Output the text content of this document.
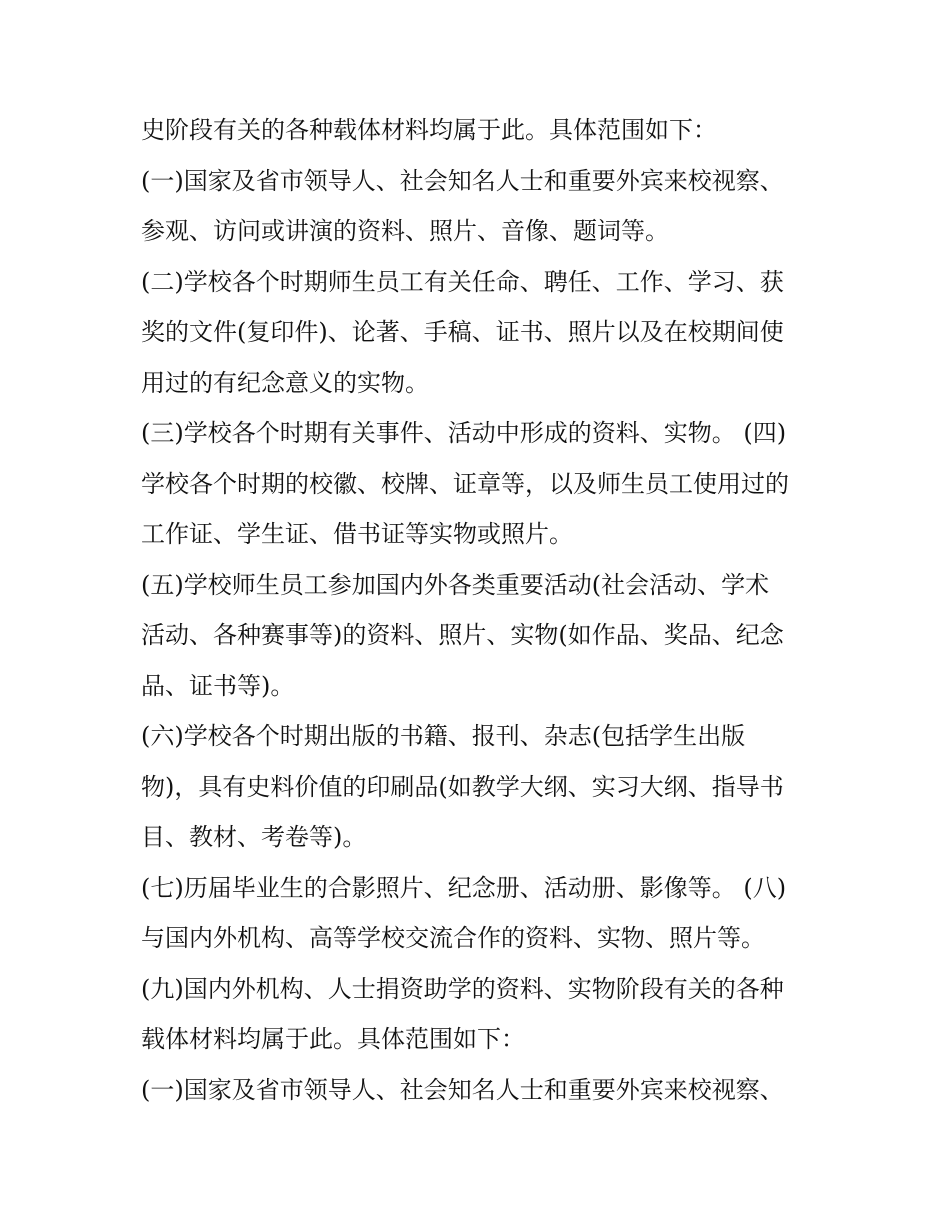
史阶段有关的各种载体材料均属于此。具体范围如下：
(一)国家及省市领导人、社会知名人士和重要外宾来校视察、
参观、访问或讲演的资料、照片、音像、题词等。
(二)学校各个时期师生员工有关任命、聘任、工作、学习、获
奖的文件(复印件)、论著、手稿、证书、照片以及在校期间使
用过的有纪念意义的实物。
(三)学校各个时期有关事件、活动中形成的资料、实物。 (四)
学校各个时期的校徽、校牌、证章等，以及师生员工使用过的
工作证、学生证、借书证等实物或照片。
(五)学校师生员工参加国内外各类重要活动(社会活动、学术
活动、各种赛事等)的资料、照片、实物(如作品、奖品、纪念
品、证书等)。
(六)学校各个时期出版的书籍、报刊、杂志(包括学生出版
物)，具有史料价值的印刷品(如教学大纲、实习大纲、指导书
目、教材、考卷等)。
(七)历届毕业生的合影照片、纪念册、活动册、影像等。 (八)
与国内外机构、高等学校交流合作的资料、实物、照片等。
(九)国内外机构、人士捐资助学的资料、实物阶段有关的各种
载体材料均属于此。具体范围如下：
(一)国家及省市领导人、社会知名人士和重要外宾来校视察、
